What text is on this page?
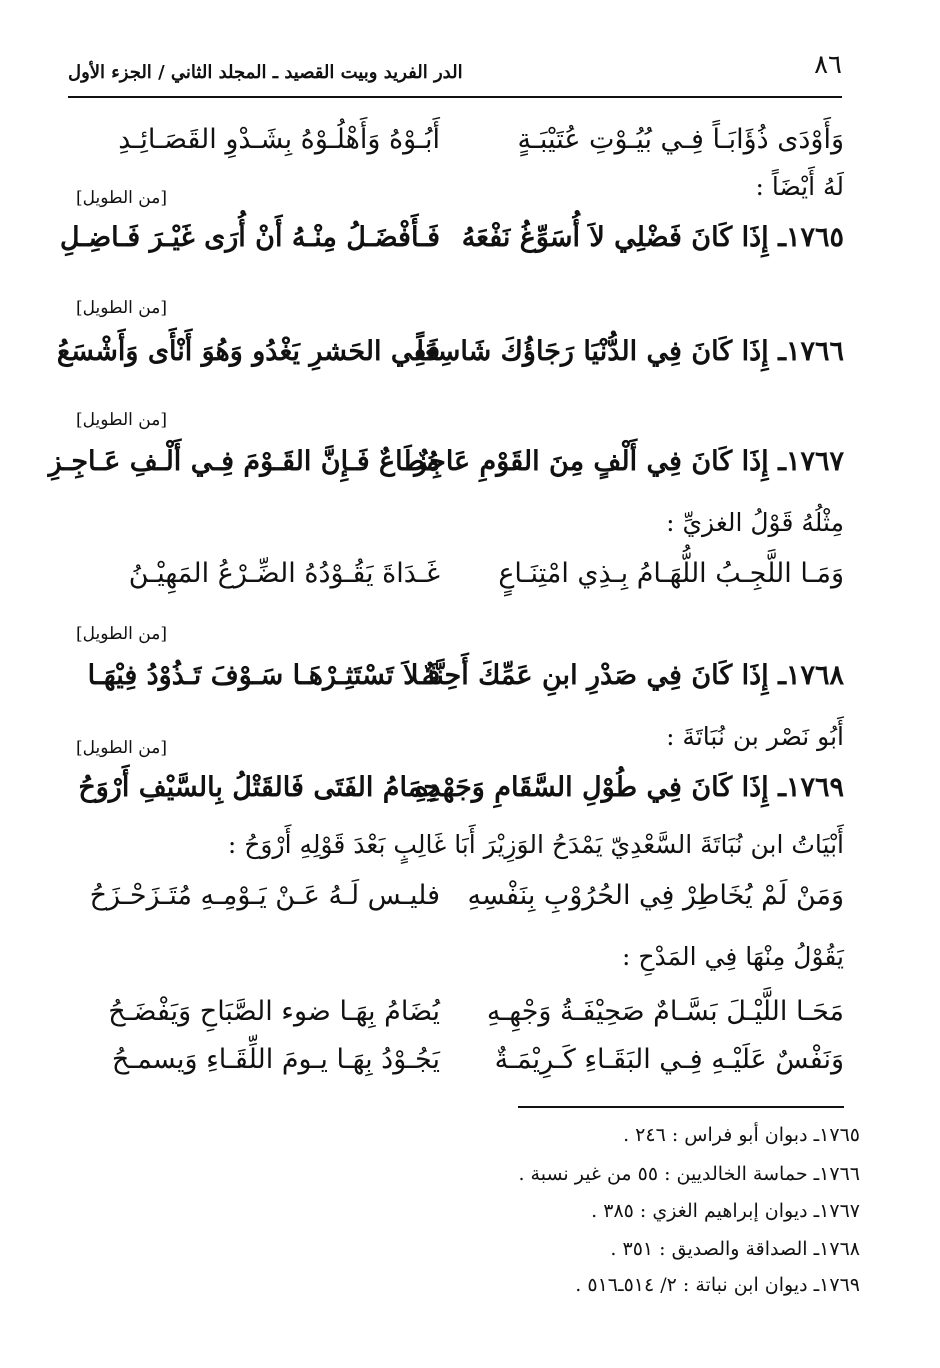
٨٦
الدر الفريد وبيت القصيد ـ المجلد الثاني / الجزء الأول
وَأَوْدَى ذُؤَابَـاً فِـي بُيُـوْتِ عُتَيْبَـةٍ
أَبُـوْهُ وَأَهْلُـوْهُ بِشَـدْوِ القَصَـائِـدِ
لَهُ أَيْضَاً :
[من الطويل]
١٧٦٥ـ إِذَا كَانَ فَضْلِي لاَ أُسَوِّغُ نَفْعَهُ
فَـأَفْضَـلُ مِنْـهُ أَنْ أُرَى غَيْـرَ فَـاضِـلِ
[من الطويل]
١٧٦٦ـ إِذَا كَانَ فِي الدُّنْيَا رَجَاؤُكَ شَاسِعَاً
فَفِي الحَشرِ يَغْدُو وَهُوَ أَنْأَى وَأَشْسَعُ
[من الطويل]
١٧٦٧ـ إِذَا كَانَ فِي أَلْفٍ مِنَ القَوْمِ عَاجِزٌ
مُطَاعٌ فَـإِنَّ القَـوْمَ فِـي أَلْـفِ عَـاجِـزِ
مِثْلُهُ قَوْلُ الغزيِّ :
وَمَـا اللَّجِـبُ اللُّهَـامُ بِـذِي امْتِنَـاعٍ
غَـدَاةَ يَقُـوْدُهُ الضِّـرْعُ المَهِيْـنُ
[من الطويل]
١٧٦٨ـ إِذَا كَانَ فِي صَدْرِ ابنِ عَمِّكَ أَحِنَّةٌ
فَـلاَ تَسْتَثِـرْهَـا سَـوْفَ تَـذُوْدُ فِيْهَـا
أَبُو نَصْر بن نُبَاتَةَ :
[من الطويل]
١٧٦٩ـ إِذَا كَانَ فِي طُوْلِ السَّقَامِ وَجَهْدِهِ
حِمَامُ الفَتَى فَالقَتْلُ بِالسَّيْفِ أَرْوَحُ
أَبْيَاتُ ابن نُبَاتَةَ السَّعْدِيّ يَمْدَحُ الوَزِيْرَ أَبَا غَالِبٍ بَعْدَ قَوْلِهِ أَرْوَحُ :
وَمَنْ لَمْ يُخَاطِرْ فِي الحُرُوْبِ بِنَفْسِهِ
فليـس لَـهُ عَـنْ يَـوْمِـهِ مُتَـزَحْـزَحُ
يَقُوْلُ مِنْهَا فِي المَدْحِ :
مَحَـا اللَّيْـلَ بَسَّـامٌ صَحِيْفَـةُ وَجْهِـهِ
يُضَامُ بِهَـا ضوء الصَّبَاحِ وَيَفْضَـحُ
وَنَفْسٌ عَلَيْـهِ فِـي البَقَـاءِ كَـرِيْمَـةٌ
يَجُـوْدُ بِهَـا يـومَ اللِّقَـاءِ وَيسمـحُ
١٧٦٥ـ دبوان أبو فراس : ٢٤٦ .
١٧٦٦ـ حماسة الخالديين : ٥٥ من غير نسبة .
١٧٦٧ـ ديوان إبراهيم الغزي : ٣٨٥ .
١٧٦٨ـ الصداقة والصديق : ٣٥١ .
١٧٦٩ـ ديوان ابن نباتة : ٢/ ٥١٤ـ٥١٦ .
